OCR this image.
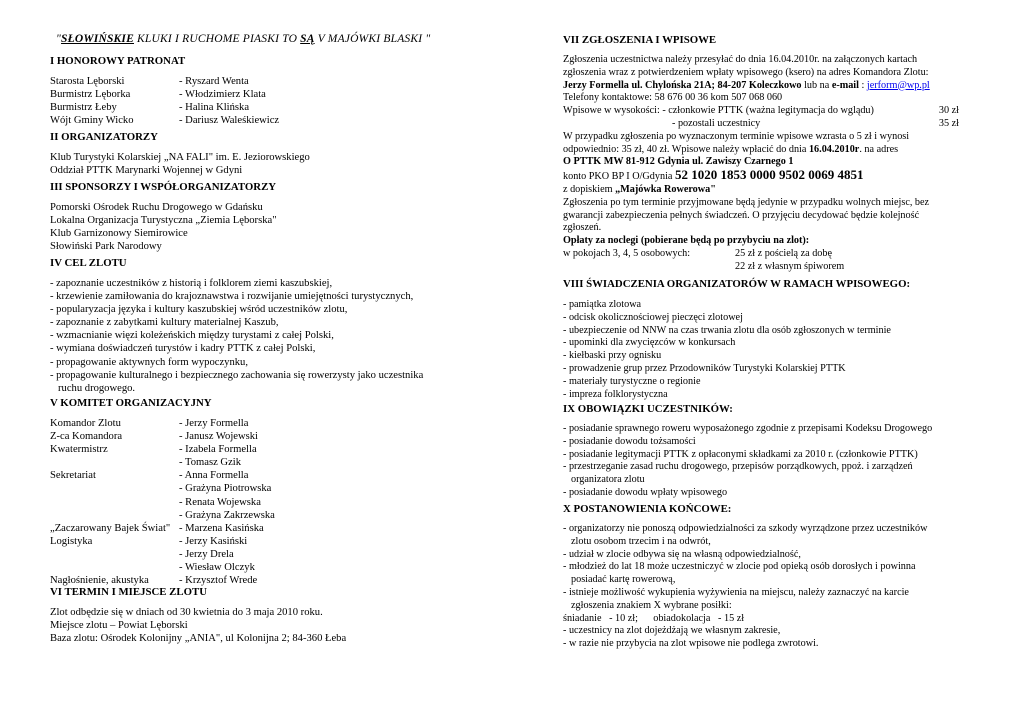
"SŁOWIŃSKIE KLUKI I RUCHOME PIASKI TO SĄ V MAJÓWKI BLASKI "
I HONOROWY PATRONAT
Starosta Lęborski	- Ryszard Wenta
Burmistrz Lęborka	- Włodzimierz Klata
Burmistrz Łeby	- Halina Klińska
Wójt Gminy Wicko	- Dariusz Waleśkiewicz
II ORGANIZATORZY
Klub Turystyki Kolarskiej „NA FALI" im. E. Jeziorowskiego
Oddział PTTK Marynarki Wojennej w Gdyni
III SPONSORZY I WSPÓŁORGANIZATORZY
Pomorski Ośrodek Ruchu Drogowego w Gdańsku
Lokalna Organizacja Turystyczna „Ziemia Lęborska"
Klub Garnizonowy Siemirowice
Słowiński Park Narodowy
IV CEL ZLOTU
- zapoznanie uczestników z historią i folklorem ziemi kaszubskiej,
- krzewienie zamiłowania do krajoznawstwa i rozwijanie umiejętności turystycznych,
- popularyzacja języka i kultury kaszubskiej wśród uczestników zlotu,
- zapoznanie z zabytkami kultury materialnej Kaszub,
- wzmacnianie więzi koleżeńskich między turystami z całej Polski,
- wymiana doświadczeń turystów i kadry PTTK z całej Polski,
- propagowanie aktywnych form wypoczynku,
- propagowanie kulturalnego i bezpiecznego zachowania się rowerzysty jako uczestnika
ruchu drogowego.
V KOMITET ORGANIZACYJNY
Komandor Zlotu	- Jerzy Formella
Z-ca Komandora	- Janusz Wojewski
Kwatermistrz	- Izabela Formella
- Tomasz Gzik
Sekretariat	- Anna Formella
- Grażyna Piotrowska
- Renata Wojewska
- Grażyna Zakrzewska
„Zaczarowany Bajek Świat" - Marzena Kasińska
Logistyka	- Jerzy Kasiński
- Jerzy Drela
- Wiesław Olczyk
Nagłośnienie, akustyka	- Krzysztof Wrede
VI TERMIN I MIEJSCE ZLOTU
Zlot odbędzie się w dniach od 30 kwietnia do 3 maja 2010 roku.
Miejsce zlotu – Powiat Lęborski
Baza zlotu: Ośrodek Kolonijny „ANIA", ul Kolonijna 2; 84-360 Łeba
VII ZGŁOSZENIA I WPISOWE
Zgłoszenia uczestnictwa należy przesyłać do dnia 16.04.2010r. na załączonych kartach
zgłoszenia wraz z potwierdzeniem wpłaty wpisowego (ksero) na adres Komandora Zlotu:
Jerzy Formella ul. Chylońska 21A; 84-207 Koleczkowo lub na e-mail : jerform@wp.pl
Telefony kontaktowe: 58 676 00 36 kom 507 068 060
Wpisowe w wysokości: - członkowie PTTK (ważna legitymacja do wglądu)	30 zł
- pozostali uczestnicy	35 zł
W przypadku zgłoszenia po wyznaczonym terminie wpisowe wzrasta o 5 zł i wynosi
odpowiednio: 35 zł, 40 zł. Wpisowe należy wpłacić do dnia 16.04.2010r. na adres
O PTTK MW 81-912 Gdynia ul. Zawiszy Czarnego 1
konto PKO BP I O/Gdynia 52 1020 1853 0000 9502 0069 4851
z dopiskiem „Majówka Rowerowa"
Zgłoszenia po tym terminie przyjmowane będą jedynie w przypadku wolnych miejsc, bez
gwarancji zabezpieczenia pełnych świadczeń. O przyjęciu decydować będzie kolejność
zgłoszeń.
Opłaty za noclegi (pobierane będą po przybyciu na zlot):
w pokojach 3, 4, 5 osobowych:	25 zł z pościelą za dobę
22 zł z własnym śpiworem
VIII ŚWIADCZENIA ORGANIZATORÓW W RAMACH WPISOWEGO:
- pamiątka zlotowa
- odcisk okolicznościowej pieczęci zlotowej
- ubezpieczenie od NNW na czas trwania zlotu dla osób zgłoszonych w terminie
- upominki dla zwycięzców w konkursach
- kiełbaski przy ognisku
- prowadzenie grup przez Przodowników Turystyki Kolarskiej PTTK
- materiały turystyczne o regionie
- impreza folklorystyczna
IX OBOWIĄZKI UCZESTNIKÓW:
- posiadanie sprawnego roweru wyposażonego zgodnie z przepisami Kodeksu Drogowego
- posiadanie dowodu tożsamości
- posiadanie legitymacji PTTK z opłaconymi składkami za 2010 r. (członkowie PTTK)
- przestrzeganie zasad ruchu drogowego, przepisów porządkowych, ppoż. i zarządzeń
organizatora zlotu
- posiadanie dowodu wpłaty wpisowego
X POSTANOWIENIA KOŃCOWE:
- organizatorzy nie ponoszą odpowiedzialności za szkody wyrządzone przez uczestników
zlotu osobom trzecim i na odwrót,
- udział w zlocie odbywa się na własną odpowiedzialność,
- młodzież do lat 18 może uczestniczyć w zlocie pod opieką osób dorosłych i powinna
posiadać kartę rowerową,
- istnieje możliwość wykupienia wyżywienia na miejscu, należy zaznaczyć na karcie
zgłoszenia znakiem X wybrane posiłki:
śniadanie   - 10 zł;      obiadokolacja   - 15 zł
- uczestnicy na zlot dojeżdżają we własnym zakresie,
- w razie nie przybycia na zlot wpisowe nie podlega zwrotowi.
